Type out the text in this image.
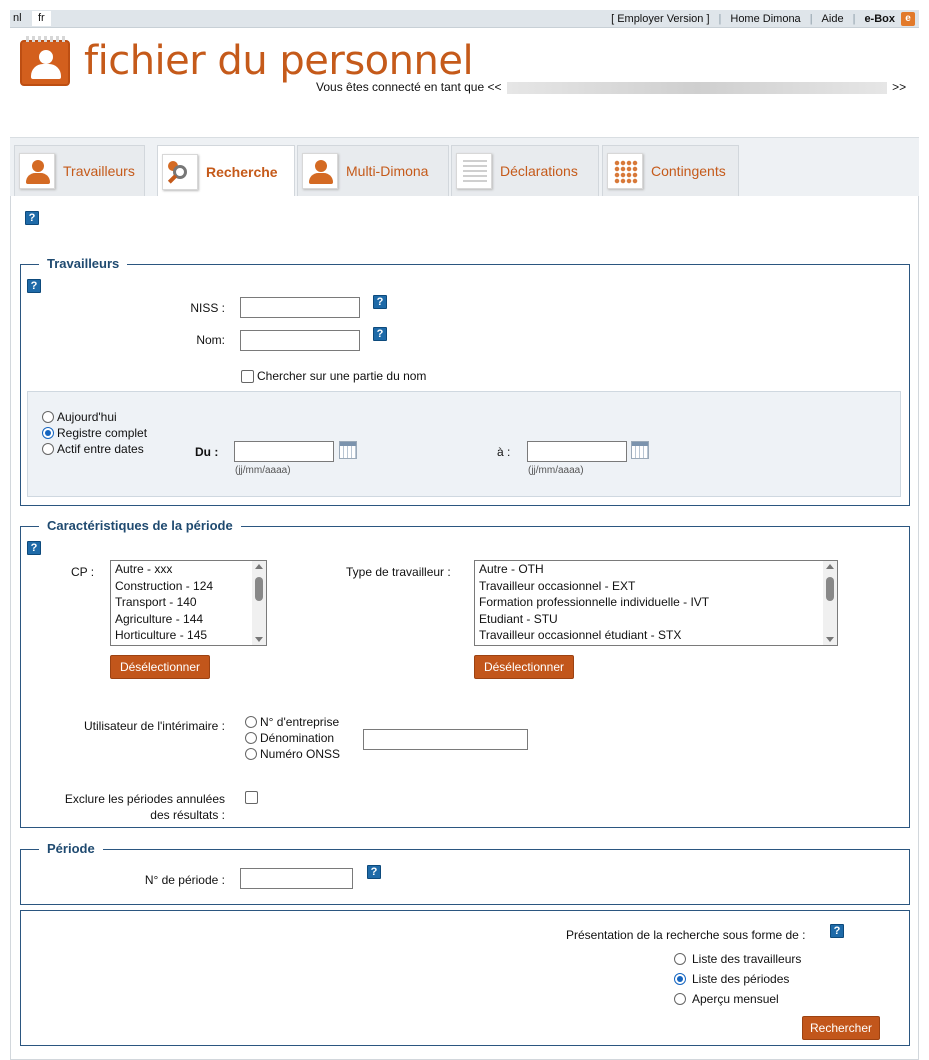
nl	fr	[ Employer Version ] | Home Dimona | Aide | e-Box	e
fichier du personnel
Vous êtes connecté en tant que <<	>>
Travailleurs	Recherche	Multi-Dimona	Déclarations	Contingents
?
Travailleurs
?
NISS :	?
Nom:	?
Chercher sur une partie du nom
Aujourd'hui
Registre complet
Actif entre dates	Du :
(jj/mm/aaaa)
à :
(jj/mm/aaaa)
Caractéristiques de la période
?
CP :	Autre - xxx
Construction - 124
Transport - 140
Agriculture - 144
Horticulture - 145
Désélectionner
Type de travailleur :	Autre - OTH
Travailleur occasionnel - EXT
Formation professionnelle individuelle - IVT
Etudiant - STU
Travailleur occasionnel étudiant - STX
Désélectionner
Utilisateur de l'intérimaire :	N° d'entreprise
Dénomination
Numéro ONSS
Exclure les périodes annulées
des résultats :
Période
N° de période :
?
Présentation de la recherche sous forme de :	?
Liste des travailleurs
Liste des périodes
Aperçu mensuel
Rechercher
